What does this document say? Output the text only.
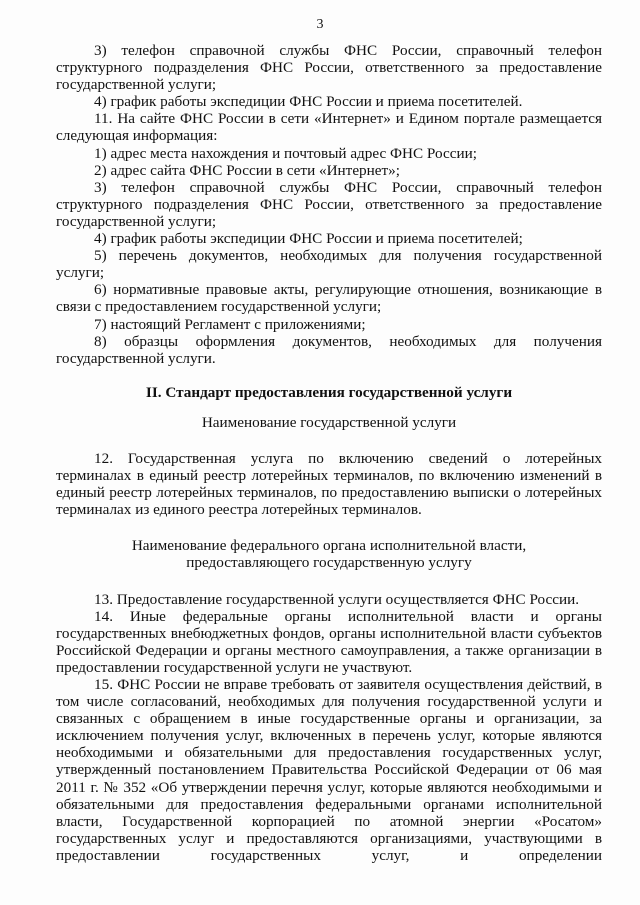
3

3) телефон справочной службы ФНС России, справочный телефон структурного подразделения ФНС России, ответственного за предоставление государственной услуги;

4) график работы экспедиции ФНС России и приема посетителей.

11. На сайте ФНС России в сети «Интернет» и Едином портале размещается следующая информация:

1) адрес места нахождения и почтовый адрес ФНС России;

2) адрес сайта ФНС России в сети «Интернет»;

3) телефон справочной службы ФНС России, справочный телефон структурного подразделения ФНС России, ответственного за предоставление государственной услуги;

4) график работы экспедиции ФНС России и приема посетителей;

5) перечень документов, необходимых для получения государственной услуги;

6) нормативные правовые акты, регулирующие отношения, возникающие в связи с предоставлением государственной услуги;

7) настоящий Регламент с приложениями;

8) образцы оформления документов, необходимых для получения государственной услуги.

II. Стандарт предоставления государственной услуги

Наименование государственной услуги

12. Государственная услуга по включению сведений о лотерейных терминалах в единый реестр лотерейных терминалов, по включению изменений в единый реестр лотерейных терминалов, по предоставлению выписки о лотерейных терминалах из единого реестра лотерейных терминалов.

Наименование федерального органа исполнительной власти,

предоставляющего государственную услугу

13. Предоставление государственной услуги осуществляется ФНС России.

14. Иные федеральные органы исполнительной власти и органы государственных внебюджетных фондов, органы исполнительной власти субъектов Российской Федерации и органы местного самоуправления, а также организации в предоставлении государственной услуги не участвуют.

15. ФНС России не вправе требовать от заявителя осуществления действий, в том числе согласований, необходимых для получения государственной услуги и связанных с обращением в иные государственные органы и организации, за исключением получения услуг, включенных в перечень услуг, которые являются необходимыми и обязательными для предоставления государственных услуг, утвержденный постановлением Правительства Российской Федерации от 06 мая 2011 г. № 352 «Об утверждении перечня услуг, которые являются необходимыми и обязательными для предоставления федеральными органами исполнительной власти, Государственной корпорацией по атомной энергии «Росатом» государственных услуг и предоставляются организациями, участвующими в предоставлении государственных услуг, и определении
